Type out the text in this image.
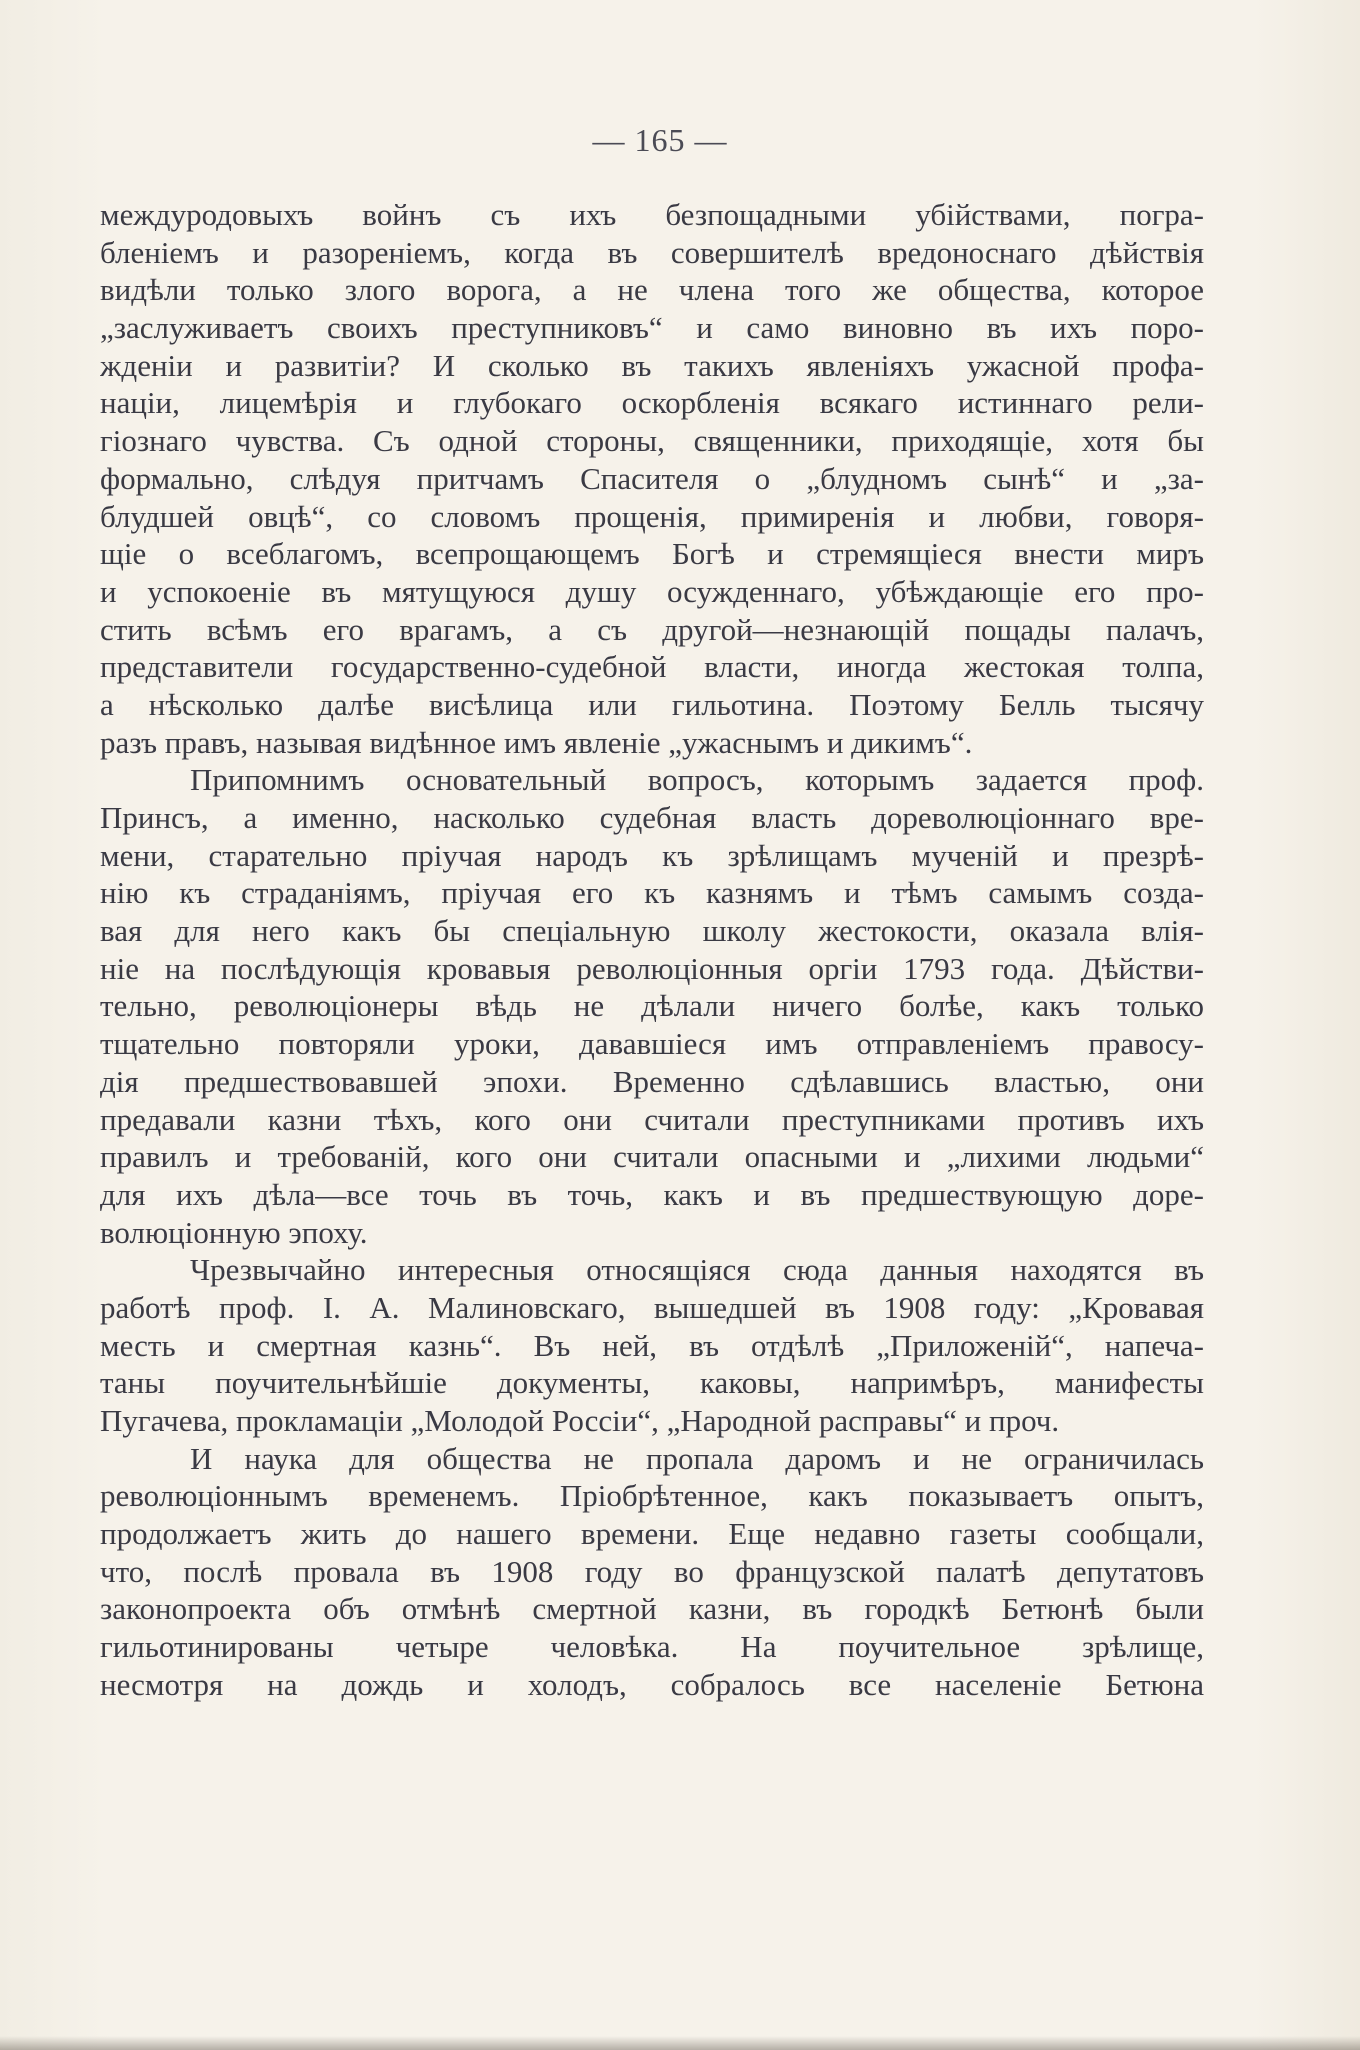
— 165 —
междуродовыхъ войнъ съ ихъ безпощадными убійствами, погра-
бленіемъ и разореніемъ, когда въ совершителѣ вредоноснаго дѣйствія
видѣли только злого ворога, а не члена того же общества, которое
„заслуживаетъ своихъ преступниковъ“ и само виновно въ ихъ поро-
жденіи и развитіи? И сколько въ такихъ явленіяхъ ужасной профа-
націи, лицемѣрія и глубокаго оскорбленія всякаго истиннаго рели-
гіознаго чувства. Съ одной стороны, священники, приходящіе, хотя бы
формально, слѣдуя притчамъ Спасителя о „блудномъ сынѣ“ и „за-
блудшей овцѣ“, со словомъ прощенія, примиренія и любви, говоря-
щіе о всеблагомъ, всепрощающемъ Богѣ и стремящіеся внести миръ
и успокоеніе въ мятущуюся душу осужденнаго, убѣждающіе его про-
стить всѣмъ его врагамъ, а съ другой—незнающій пощады палачъ,
представители государственно-судебной власти, иногда жестокая толпа,
а нѣсколько далѣе висѣлица или гильотина. Поэтому Белль тысячу
разъ правъ, называя видѣнное имъ явленіе „ужаснымъ и дикимъ“.
Припомнимъ основательный вопросъ, которымъ задается проф.
Принсъ, а именно, насколько судебная власть дореволюціоннаго вре-
мени, старательно пріучая народъ къ зрѣлищамъ мученій и презрѣ-
нію къ страданіямъ, пріучая его къ казнямъ и тѣмъ самымъ созда-
вая для него какъ бы спеціальную школу жестокости, оказала влія-
ніе на послѣдующія кровавыя революціонныя оргіи 1793 года. Дѣйстви-
тельно, революціонеры вѣдь не дѣлали ничего болѣе, какъ только
тщательно повторяли уроки, дававшіеся имъ отправленіемъ правосу-
дія предшествовавшей эпохи. Временно сдѣлавшись властью, они
предавали казни тѣхъ, кого они считали преступниками противъ ихъ
правилъ и требованій, кого они считали опасными и „лихими людьми“
для ихъ дѣла—все точь въ точь, какъ и въ предшествующую доре-
волюціонную эпоху.
Чрезвычайно интересныя относящіяся сюда данныя находятся въ
работѣ проф. І. А. Малиновскаго, вышедшей въ 1908 году: „Кровавая
месть и смертная казнь“. Въ ней, въ отдѣлѣ „Приложеній“, напеча-
таны поучительнѣйшіе документы, каковы, напримѣръ, манифесты
Пугачева, прокламаціи „Молодой Россіи“, „Народной расправы“ и проч.
И наука для общества не пропала даромъ и не ограничилась
революціоннымъ временемъ. Пріобрѣтенное, какъ показываетъ опытъ,
продолжаетъ жить до нашего времени. Еще недавно газеты сообщали,
что, послѣ провала въ 1908 году во французской палатѣ депутатовъ
законопроекта объ отмѣнѣ смертной казни, въ городкѣ Бетюнѣ были
гильотинированы четыре человѣка. На поучительное зрѣлище,
несмотря на дождь и холодъ, собралось все населеніе Бетюна
